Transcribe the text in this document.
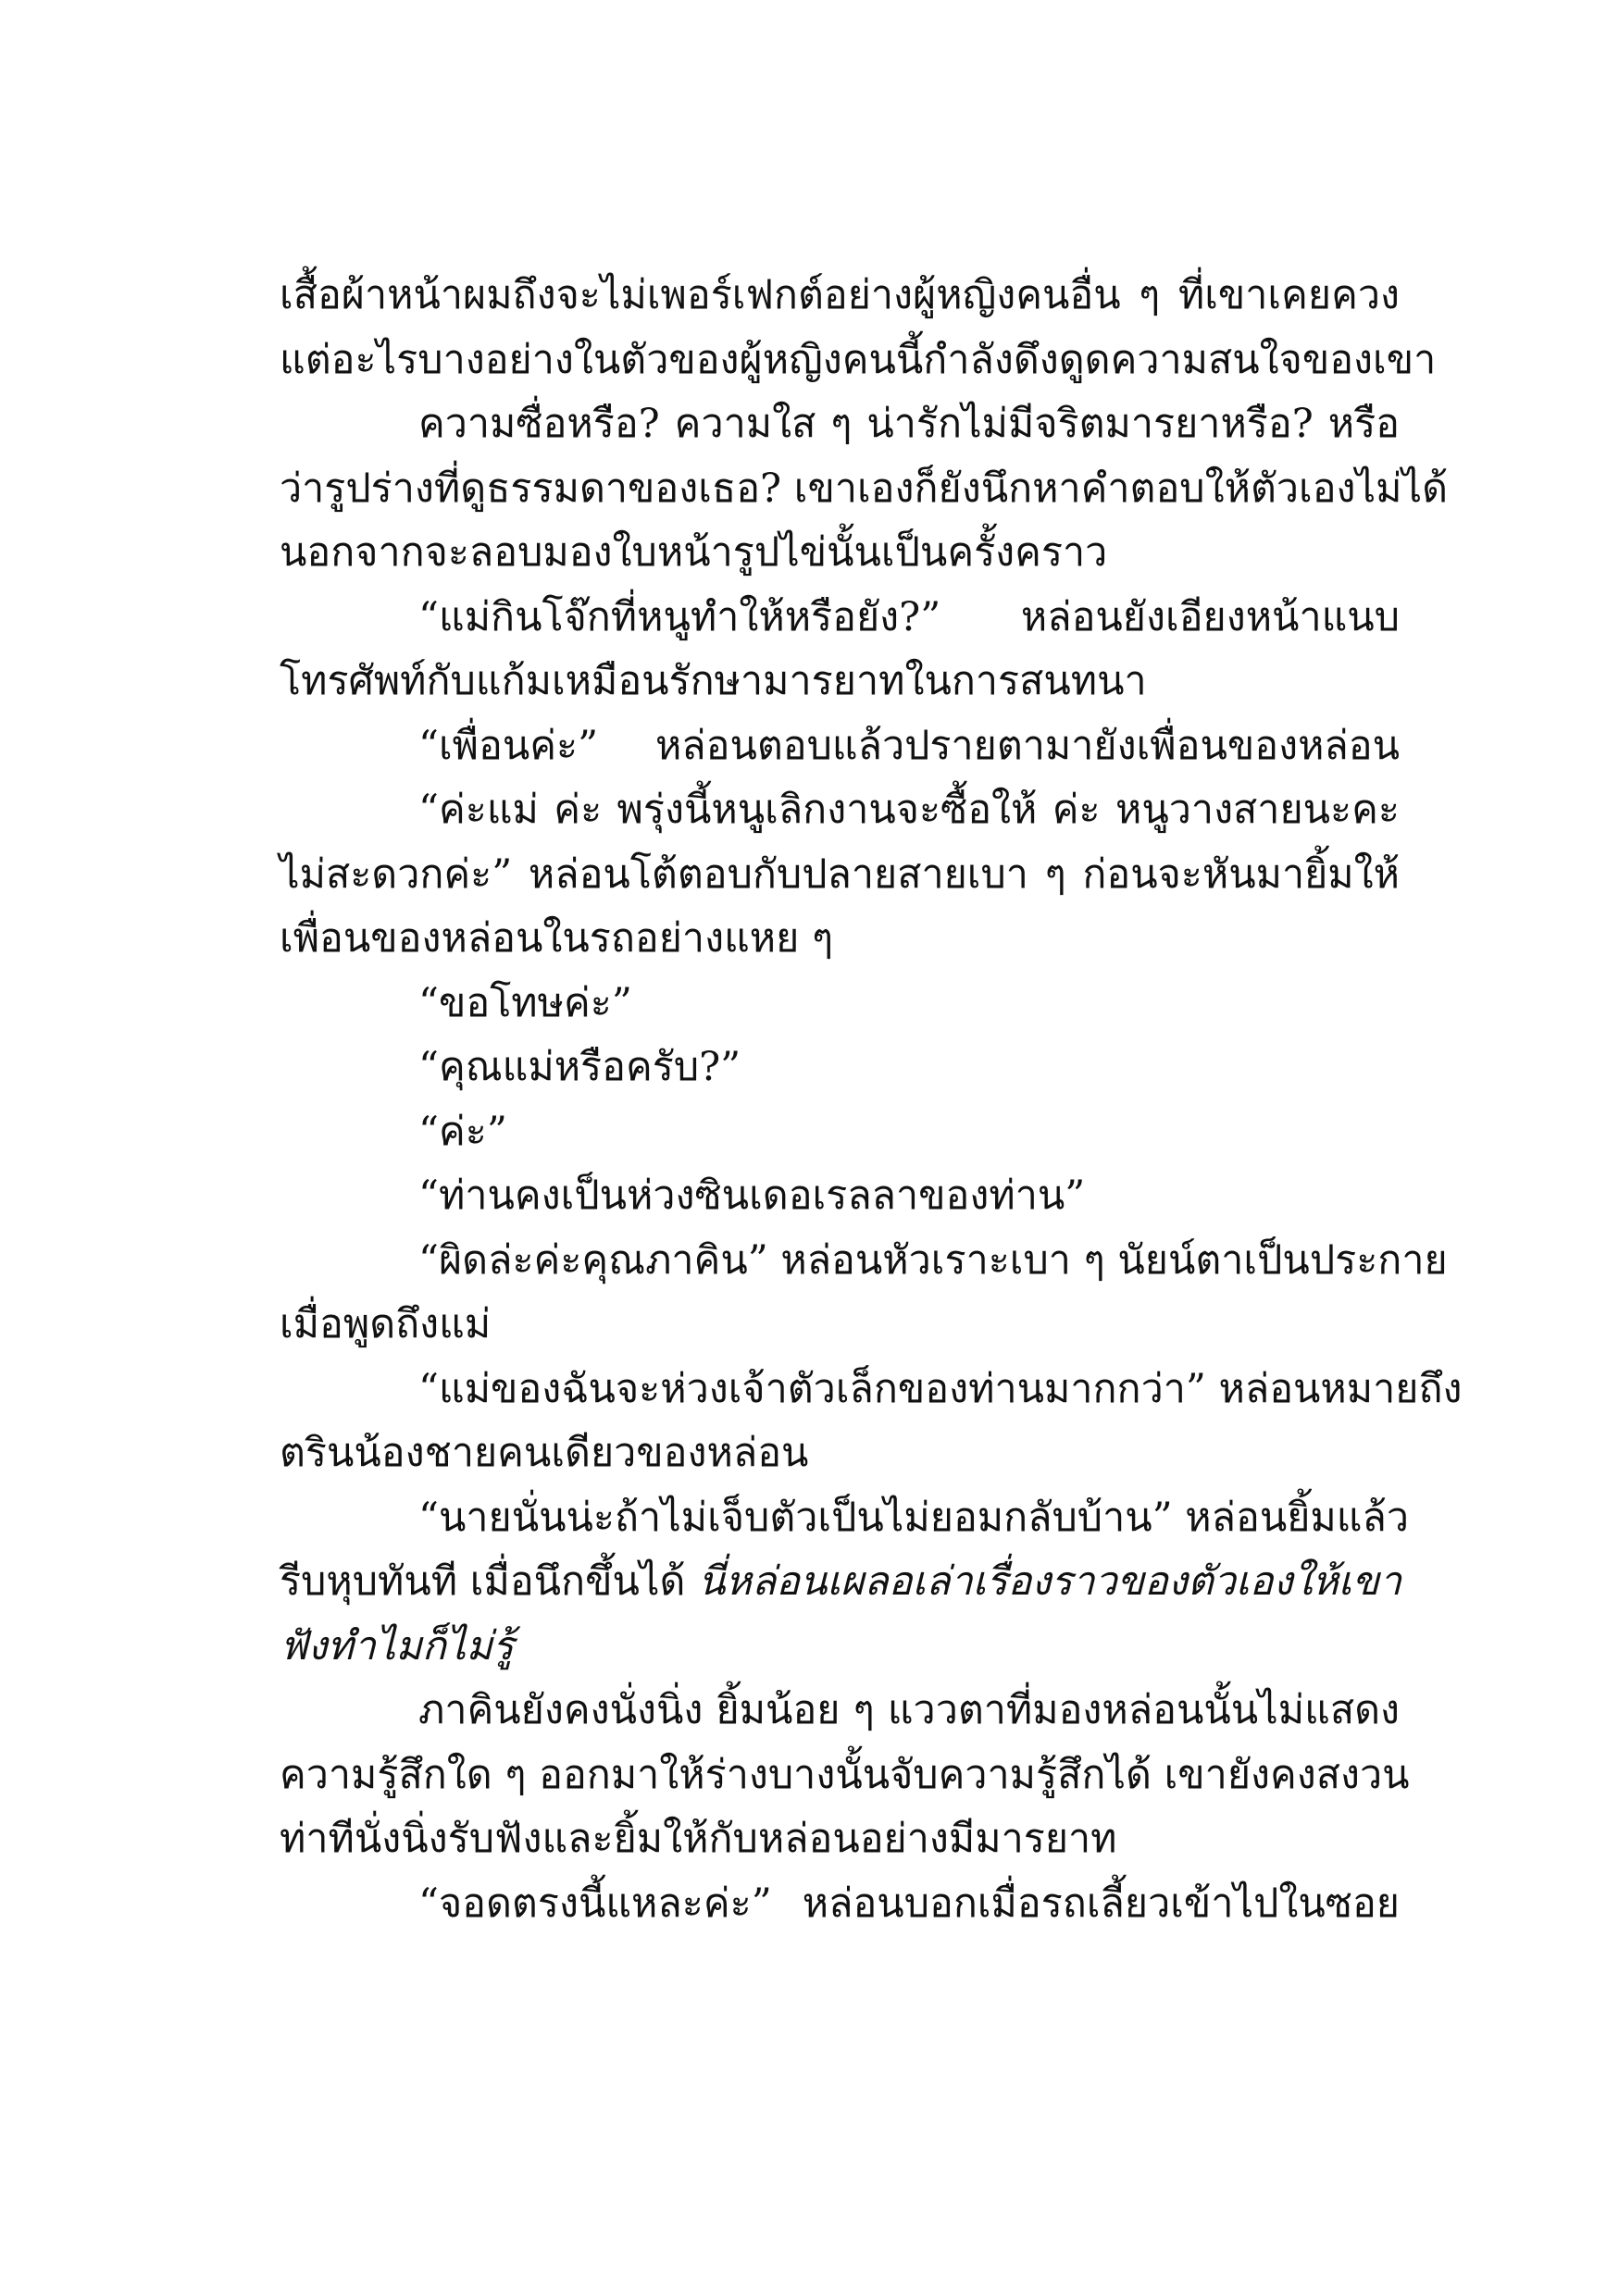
เสื้อผ้าหน้าผมถึงจะไม่เพอร์เฟกต์อย่างผู้หญิงคนอื่น ๆ ที่เขาเคยควง
แต่อะไรบางอย่างในตัวของผู้หญิงคนนี้กำลังดึงดูดความสนใจของเขา
ความซื่อหรือ? ความใส ๆ น่ารักไม่มีจริตมารยาหรือ? หรือ
ว่ารูปร่างที่ดูธรรมดาของเธอ? เขาเองก็ยังนึกหาคำตอบให้ตัวเองไม่ได้
นอกจากจะลอบมองใบหน้ารูปไข่นั้นเป็นครั้งคราว
“แม่กินโจ๊กที่หนูทำให้หรือยัง?” หล่อนยังเอียงหน้าแนบ
โทรศัพท์กับแก้มเหมือนรักษามารยาทในการสนทนา
“เพื่อนค่ะ” หล่อนตอบแล้วปรายตามายังเพื่อนของหล่อน
“ค่ะแม่ ค่ะ พรุ่งนี้หนูเลิกงานจะซื้อให้ ค่ะ หนูวางสายนะคะ
ไม่สะดวกค่ะ” หล่อนโต้ตอบกับปลายสายเบา ๆ ก่อนจะหันมายิ้มให้
เพื่อนของหล่อนในรถอย่างแหย ๆ
“ขอโทษค่ะ”
“คุณแม่หรือครับ?”
“ค่ะ”
“ท่านคงเป็นห่วงซินเดอเรลลาของท่าน”
“ผิดล่ะค่ะคุณภาคิน” หล่อนหัวเราะเบา ๆ นัยน์ตาเป็นประกาย
เมื่อพูดถึงแม่
“แม่ของฉันจะห่วงเจ้าตัวเล็กของท่านมากกว่า” หล่อนหมายถึง
ตรินน้องชายคนเดียวของหล่อน
“นายนั่นน่ะถ้าไม่เจ็บตัวเป็นไม่ยอมกลับบ้าน” หล่อนยิ้มแล้ว
รีบหุบทันที เมื่อนึกขึ้นได้ นี่หล่อนเผลอเล่าเรื่องราวของตัวเองให้เขา
ฟังทำไมก็ไม่รู้
ภาคินยังคงนั่งนิ่ง ยิ้มน้อย ๆ แววตาที่มองหล่อนนั้นไม่แสดง
ความรู้สึกใด ๆ ออกมาให้ร่างบางนั้นจับความรู้สึกได้ เขายังคงสงวน
ท่าทีนั่งนิ่งรับฟังและยิ้มให้กับหล่อนอย่างมีมารยาท
“จอดตรงนี้แหละค่ะ” หล่อนบอกเมื่อรถเลี้ยวเข้าไปในซอย
